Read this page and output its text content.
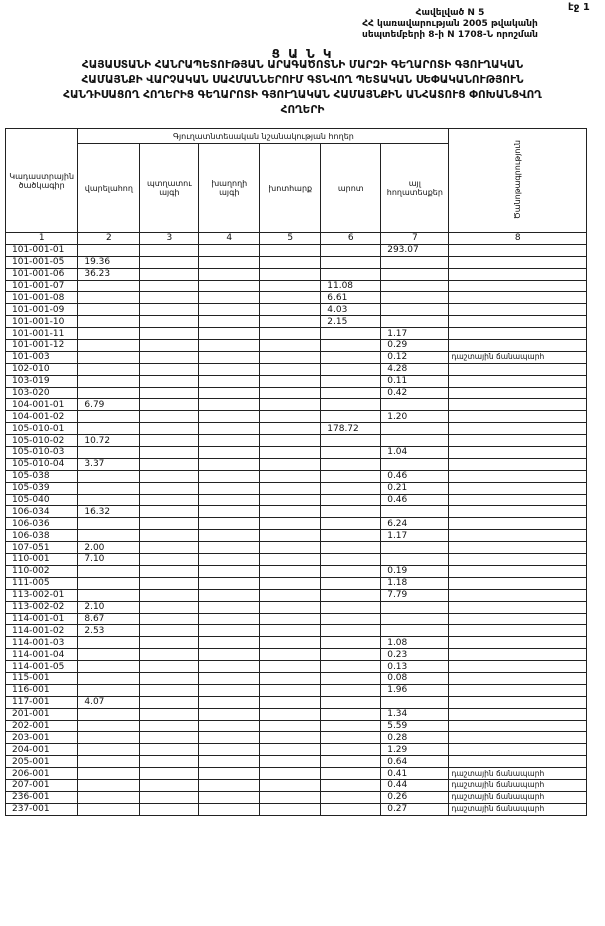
էջ 1
Հավելված N 5
ՀՀ կառավարության 2005 թվականի
սեպտեմբերի 8-ի N 1708-Ն որոշման
Ց Ա Ն Կ
ՀԱՅԱՍՏԱՆԻ ՀԱՆՐԱՊԵՏՈՒԹՅԱՆ ԱՐԱԳԱԾՈՏՆԻ ՄԱՐԶԻ ԳԵՂԱՐՈՏԻ ԳՅՈՒՂԱԿԱՆ
ՀԱՄԱՅՆՔԻ ՎԱՐՉԱԿԱՆ ՍԱՀՄԱՆՆԵՐՈՒՄ ԳՏՆՎՈՂ ՊԵՏԱԿԱՆ ՍԵՓԱԿԱՆՈՒԹՅՈՒՆ
ՀԱՆԴԻՍԱՑՈՂ ՀՈՂԵՐԻՑ ԳԵՂԱՐՈՏԻ ԳՅՈՒՂԱԿԱՆ ՀԱՄԱՅՆՔԻՆ ԱՆՀԱՏՈՒՑ ՓՈԽԱՆՑՎՈՂ
ՀՈՂԵՐԻ
Կադաստրային ծածկագիր	Գյուղատնտեսական նշանակության հողեր						Ծանոթագրություն
	վարելահող	պտղատու այգի	խաղողի այգի	խոտհարք	արոտ	այլ հողատեսքեր	
1	2	3	4	5	6	7	8
101-001-01						293.07	
101-001-05	19.36						
101-001-06	36.23						
101-001-07					11.08		
101-001-08					6.61		
101-001-09					4.03		
101-001-10					2.15		
101-001-11						1.17	
101-001-12						0.29	
101-003						0.12	դաշտային ճանապարհ
102-010						4.28	
103-019						0.11	
103-020						0.42	
104-001-01	6.79						
104-001-02						1.20	
105-010-01					178.72		
105-010-02	10.72						
105-010-03						1.04	
105-010-04	3.37						
105-038						0.46	
105-039						0.21	
105-040						0.46	
106-034	16.32						
106-036						6.24	
106-038						1.17	
107-051	2.00						
110-001	7.10						
110-002						0.19	
111-005						1.18	
113-002-01						7.79	
113-002-02	2.10						
114-001-01	8.67						
114-001-02	2.53						
114-001-03						1.08	
114-001-04						0.23	
114-001-05						0.13	
115-001						0.08	
116-001						1.96	
117-001	4.07						
201-001						1.34	
202-001						5.59	
203-001						0.28	
204-001						1.29	
205-001						0.64	
206-001						0.41	դաշտային ճանապարհ
207-001						0.44	դաշտային ճանապարհ
236-001						0.26	դաշտային ճանապարհ
237-001						0.27	դաշտային ճանապարհ
